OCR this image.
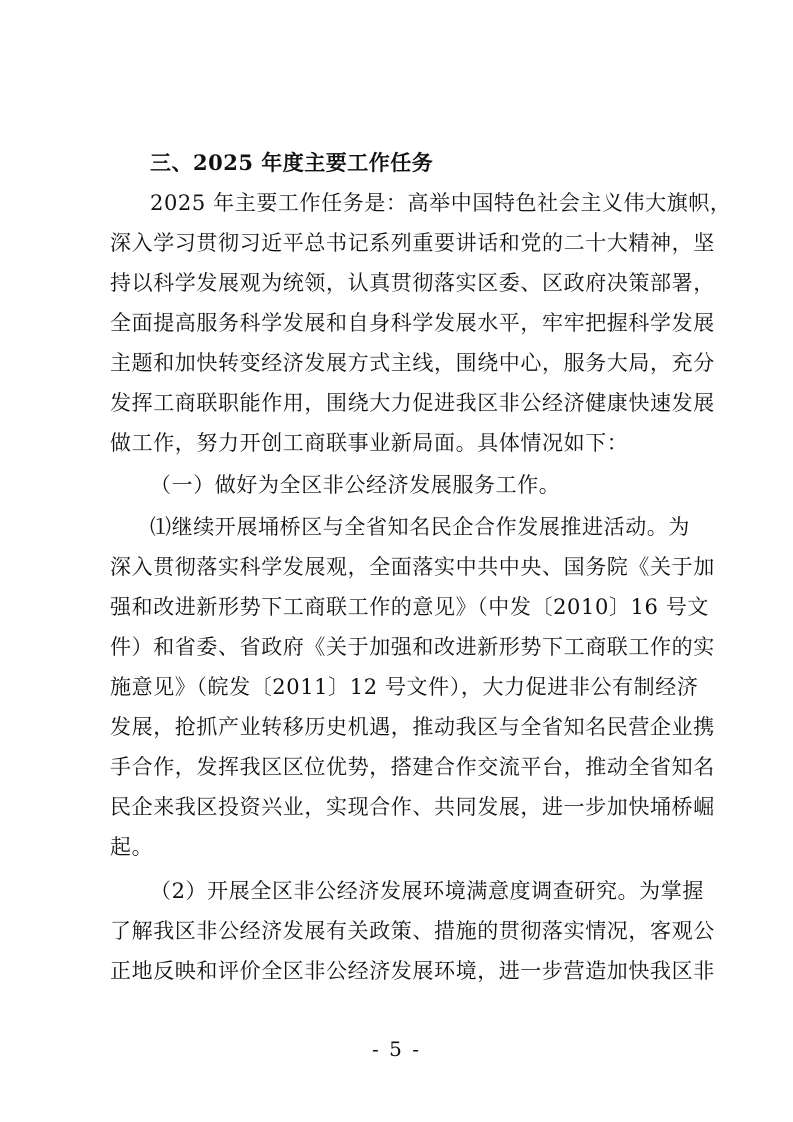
三、2025 年度主要工作任务
2025 年主要工作任务是：高举中国特色社会主义伟大旗帜，
深入学习贯彻习近平总书记系列重要讲话和党的二十大精神，坚
持以科学发展观为统领，认真贯彻落实区委、区政府决策部署，
全面提高服务科学发展和自身科学发展水平，牢牢把握科学发展
主题和加快转变经济发展方式主线，围绕中心，服务大局，充分
发挥工商联职能作用，围绕大力促进我区非公经济健康快速发展
做工作，努力开创工商联事业新局面。具体情况如下：
（一）做好为全区非公经济发展服务工作。
⑴继续开展埇桥区与全省知名民企合作发展推进活动。为
深入贯彻落实科学发展观，全面落实中共中央、国务院《关于加
强和改进新形势下工商联工作的意见》（中发〔2010〕16 号文
件）和省委、省政府《关于加强和改进新形势下工商联工作的实
施意见》（皖发〔2011〕12 号文件），大力促进非公有制经济
发展，抢抓产业转移历史机遇，推动我区与全省知名民营企业携
手合作，发挥我区区位优势，搭建合作交流平台，推动全省知名
民企来我区投资兴业，实现合作、共同发展，进一步加快埇桥崛
起。
（2）开展全区非公经济发展环境满意度调查研究。为掌握
了解我区非公经济发展有关政策、措施的贯彻落实情况，客观公
正地反映和评价全区非公经济发展环境，进一步营造加快我区非
- 5 -
